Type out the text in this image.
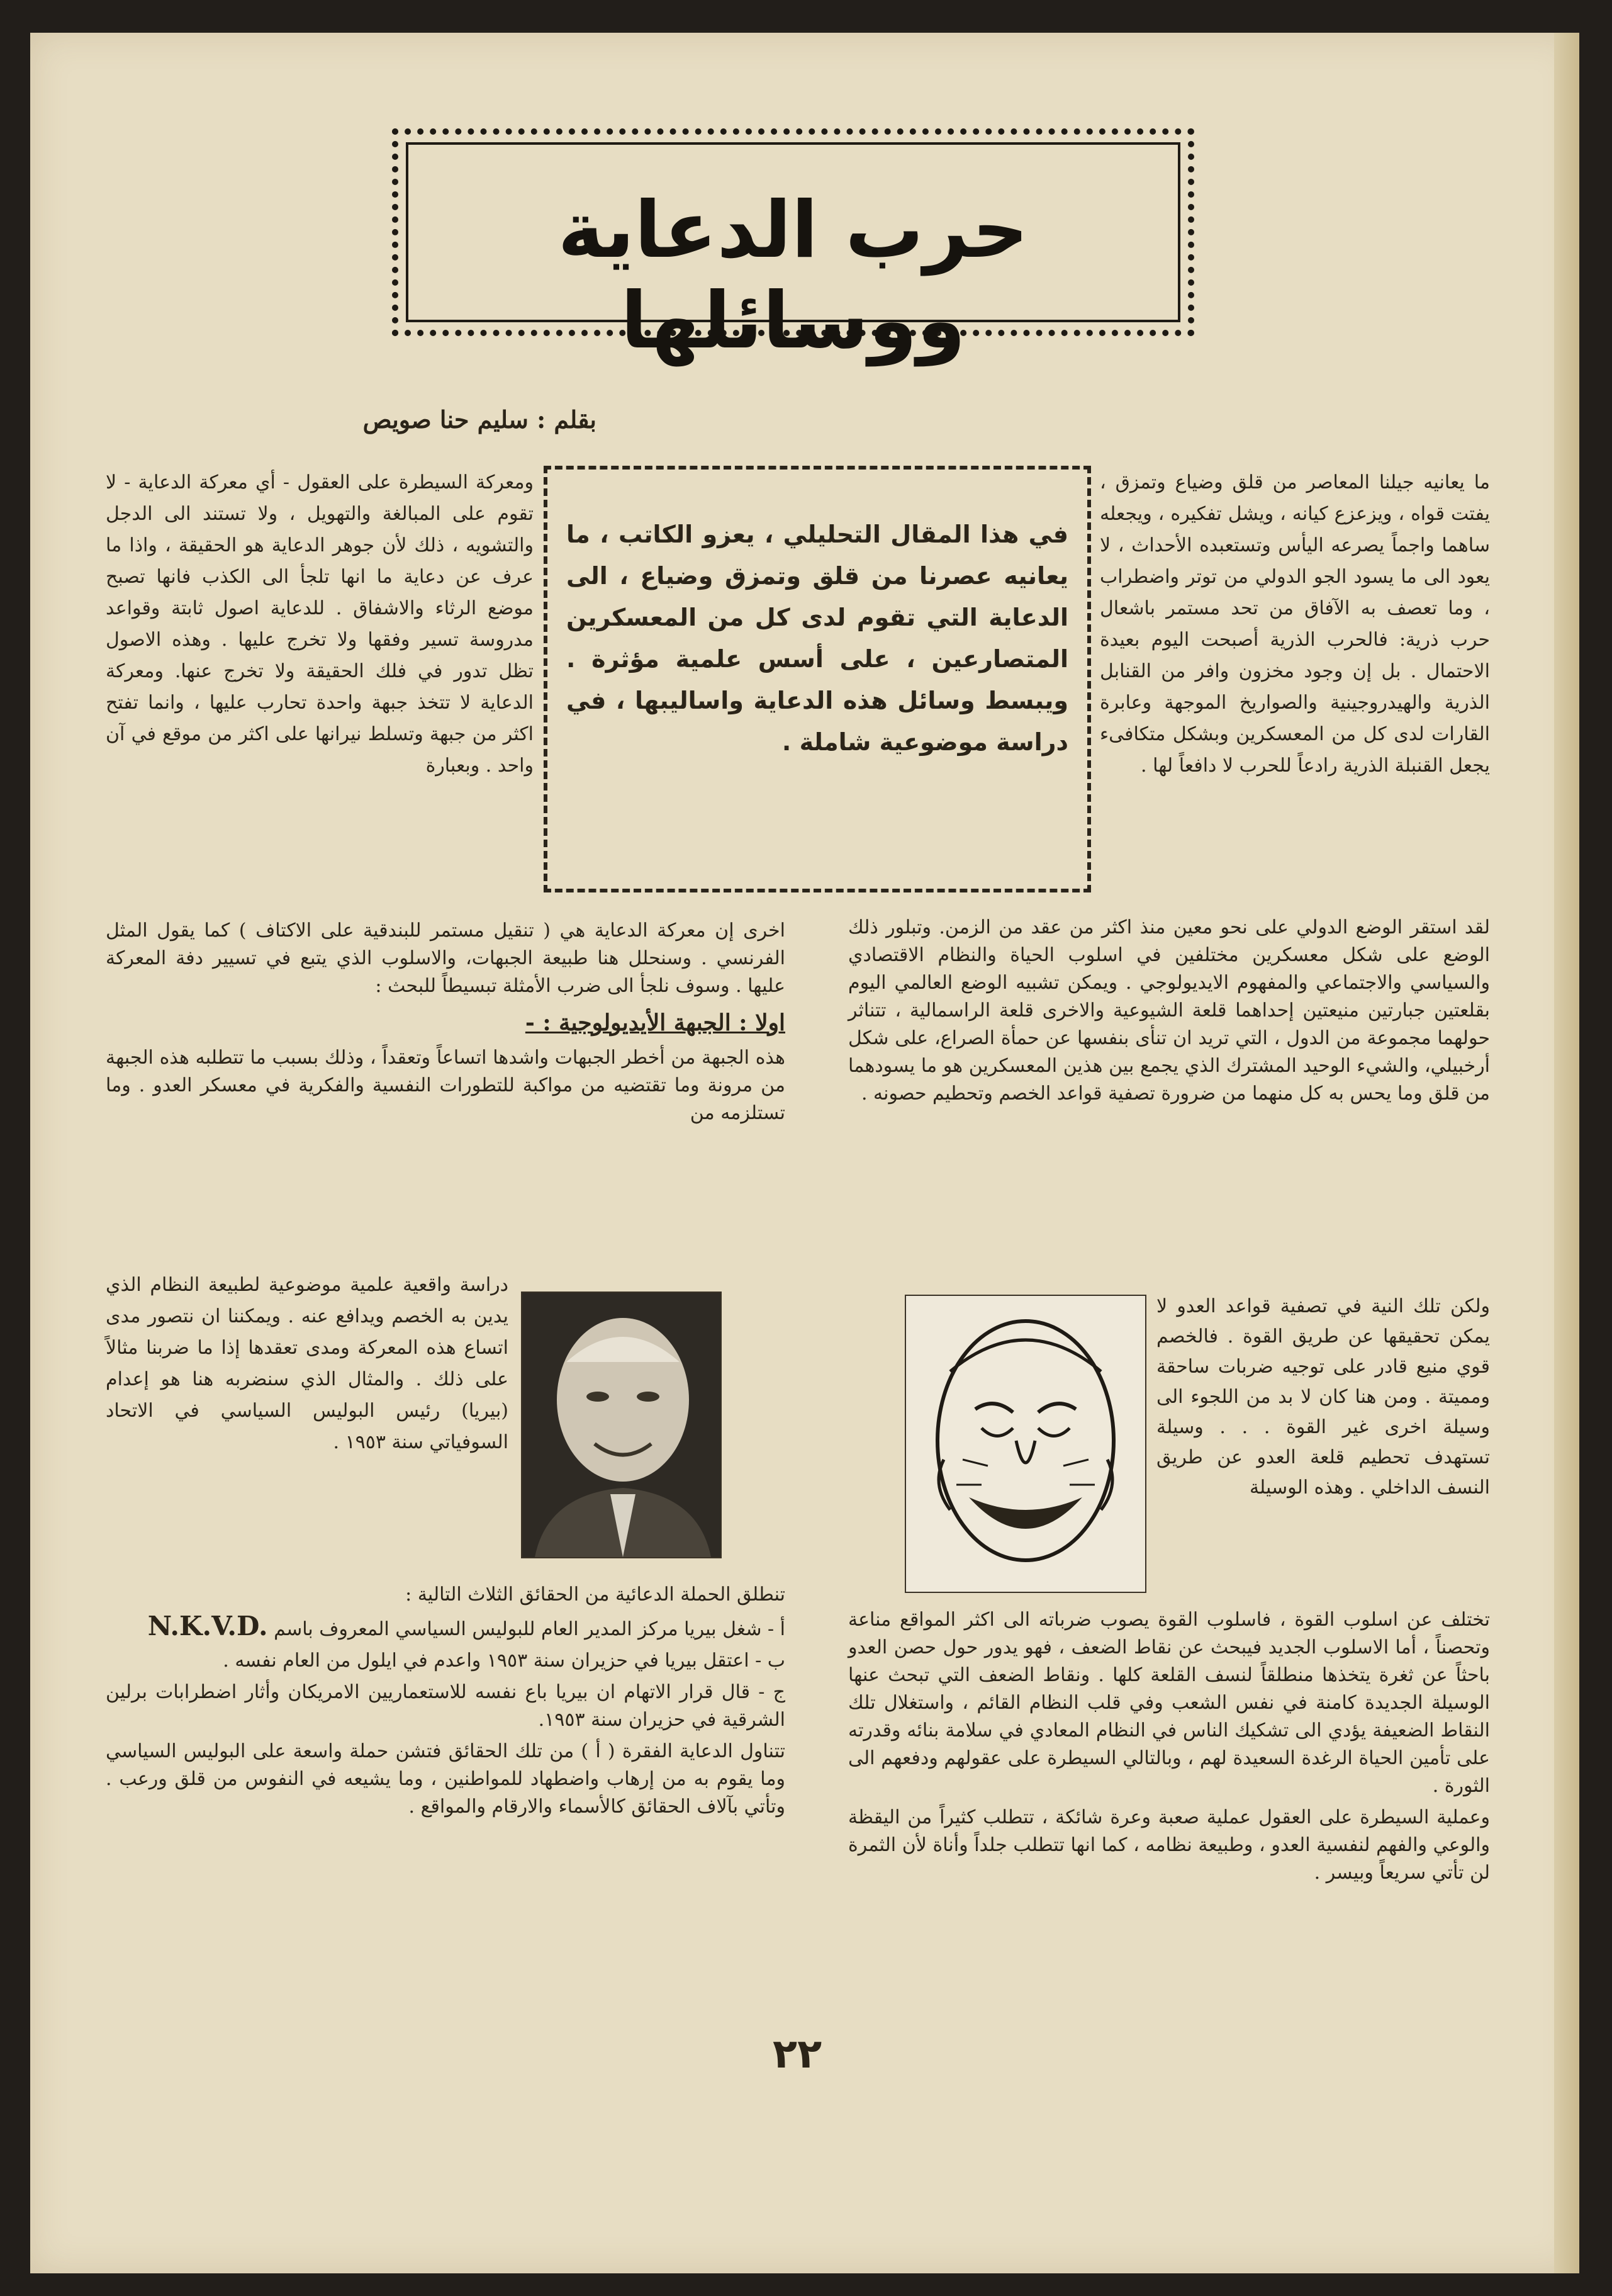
حرب الدعاية ووسائلها
بقلم : سليم حنا صويص
في هذا المقال التحليلي ، يعزو الكاتب ، ما يعانيه عصرنا من قلق وتمزق وضياع ، الى الدعاية التي تقوم لدى كل من المعسكرين المتصارعين ، على أسس علمية مؤثرة . ويبسط وسائل هذه الدعاية واساليبها ، في دراسة موضوعية شاملة .

ما يعانيه جيلنا المعاصر من قلق وضياع وتمزق ، يفتت قواه ، ويزعزع كيانه ، ويشل تفكيره ، ويجعله ساهما واجماً يصرعه اليأس وتستعبده الأحداث ، لا يعود الى ما يسود الجو الدولي من توتر واضطراب ، وما تعصف به الآفاق من تحد مستمر باشعال حرب ذرية: فالحرب الذرية أصبحت اليوم بعيدة الاحتمال . بل إن وجود مخزون وافر من القنابل الذرية والهيدروجينية والصواريخ الموجهة وعابرة القارات لدى كل من المعسكرين وبشكل متكافىء يجعل القنبلة الذرية رادعاً للحرب لا دافعاً لها .

ومعركة السيطرة على العقول - أي معركة الدعاية - لا تقوم على المبالغة والتهويل ، ولا تستند الى الدجل والتشويه ، ذلك لأن جوهر الدعاية هو الحقيقة ، واذا ما عرف عن دعاية ما انها تلجأ الى الكذب فانها تصبح موضع الرثاء والاشفاق . للدعاية اصول ثابتة وقواعد مدروسة تسير وفقها ولا تخرج عليها . وهذه الاصول تظل تدور في فلك الحقيقة ولا تخرج عنها. ومعركة الدعاية لا تتخذ جبهة واحدة تحارب عليها ، وانما تفتح اكثر من جبهة وتسلط نيرانها على اكثر من موقع في آن واحد . وبعبارة

لقد استقر الوضع الدولي على نحو معين منذ اكثر من عقد من الزمن. وتبلور ذلك الوضع على شكل معسكرين مختلفين في اسلوب الحياة والنظام الاقتصادي والسياسي والاجتماعي والمفهوم الايديولوجي . ويمكن تشبيه الوضع العالمي اليوم بقلعتين جبارتين منيعتين إحداهما قلعة الشيوعية والاخرى قلعة الراسمالية ، تتناثر حولهما مجموعة من الدول ، التي تريد ان تنأى بنفسها عن حمأة الصراع، على شكل أرخبيلي، والشيء الوحيد المشترك الذي يجمع بين هذين المعسكرين هو ما يسودهما من قلق وما يحس به كل منهما من ضرورة تصفية قواعد الخصم وتحطيم حصونه .

ولكن تلك النية في تصفية قواعد العدو لا يمكن تحقيقها عن طريق القوة . فالخصم قوي منيع قادر على توجيه ضربات ساحقة ومميتة . ومن هنا كان لا بد من اللجوء الى وسيلة اخرى غير القوة . . . وسيلة تستهدف تحطيم قلعة العدو عن طريق النسف الداخلي . وهذه الوسيلة

تختلف عن اسلوب القوة ، فاسلوب القوة يصوب ضرباته الى اكثر المواقع مناعة وتحصناً ، أما الاسلوب الجديد فيبحث عن نقاط الضعف ، فهو يدور حول حصن العدو باحثاً عن ثغرة يتخذها منطلقاً لنسف القلعة كلها . ونقاط الضعف التي تبحث عنها الوسيلة الجديدة كامنة في نفس الشعب وفي قلب النظام القائم ، واستغلال تلك النقاط الضعيفة يؤدي الى تشكيك الناس في النظام المعادي في سلامة بنائه وقدرته على تأمين الحياة الرغدة السعيدة لهم ، وبالتالي السيطرة على عقولهم ودفعهم الى الثورة .

وعملية السيطرة على العقول عملية صعبة وعرة شائكة ، تتطلب كثيراً من اليقظة والوعي والفهم لنفسية العدو ، وطبيعة نظامه ، كما انها تتطلب جلداً وأناة لأن الثمرة لن تأتي سريعاً وبيسر .

اخرى إن معركة الدعاية هي ( تنقيل مستمر للبندقية على الاكتاف ) كما يقول المثل الفرنسي . وسنحلل هنا طبيعة الجبهات، والاسلوب الذي يتبع في تسيير دفة المعركة عليها . وسوف نلجأ الى ضرب الأمثلة تبسيطاً للبحث :

اولا : الجبهة الأيديولوجية : -

هذه الجبهة من أخطر الجبهات واشدها اتساعاً وتعقداً ، وذلك بسبب ما تتطلبه هذه الجبهة من مرونة وما تقتضيه من مواكبة للتطورات النفسية والفكرية في معسكر العدو . وما تستلزمه من

دراسة واقعية علمية موضوعية لطبيعة النظام الذي يدين به الخصم ويدافع عنه . ويمكننا ان نتصور مدى اتساع هذه المعركة ومدى تعقدها إذا ما ضربنا مثالاً على ذلك . والمثال الذي سنضربه هنا هو إعدام (بيريا) رئيس البوليس السياسي في الاتحاد السوفياتي سنة ١٩٥٣ .

تنطلق الحملة الدعائية من الحقائق الثلاث التالية :

أ - شغل بيريا مركز المدير العام للبوليس السياسي المعروف باسم N.K.V.D.

ب - اعتقل بيريا في حزيران سنة ١٩٥٣ واعدم في ايلول من العام نفسه .

ج - قال قرار الاتهام ان بيريا باع نفسه للاستعماريين الامريكان وأثار اضطرابات برلين الشرقية في حزيران سنة ١٩٥٣.

تتناول الدعاية الفقرة ( أ ) من تلك الحقائق فتشن حملة واسعة على البوليس السياسي وما يقوم به من إرهاب واضطهاد للمواطنين ، وما يشيعه في النفوس من قلق ورعب . وتأتي بآلاف الحقائق كالأسماء والارقام والمواقع .

٢٢
